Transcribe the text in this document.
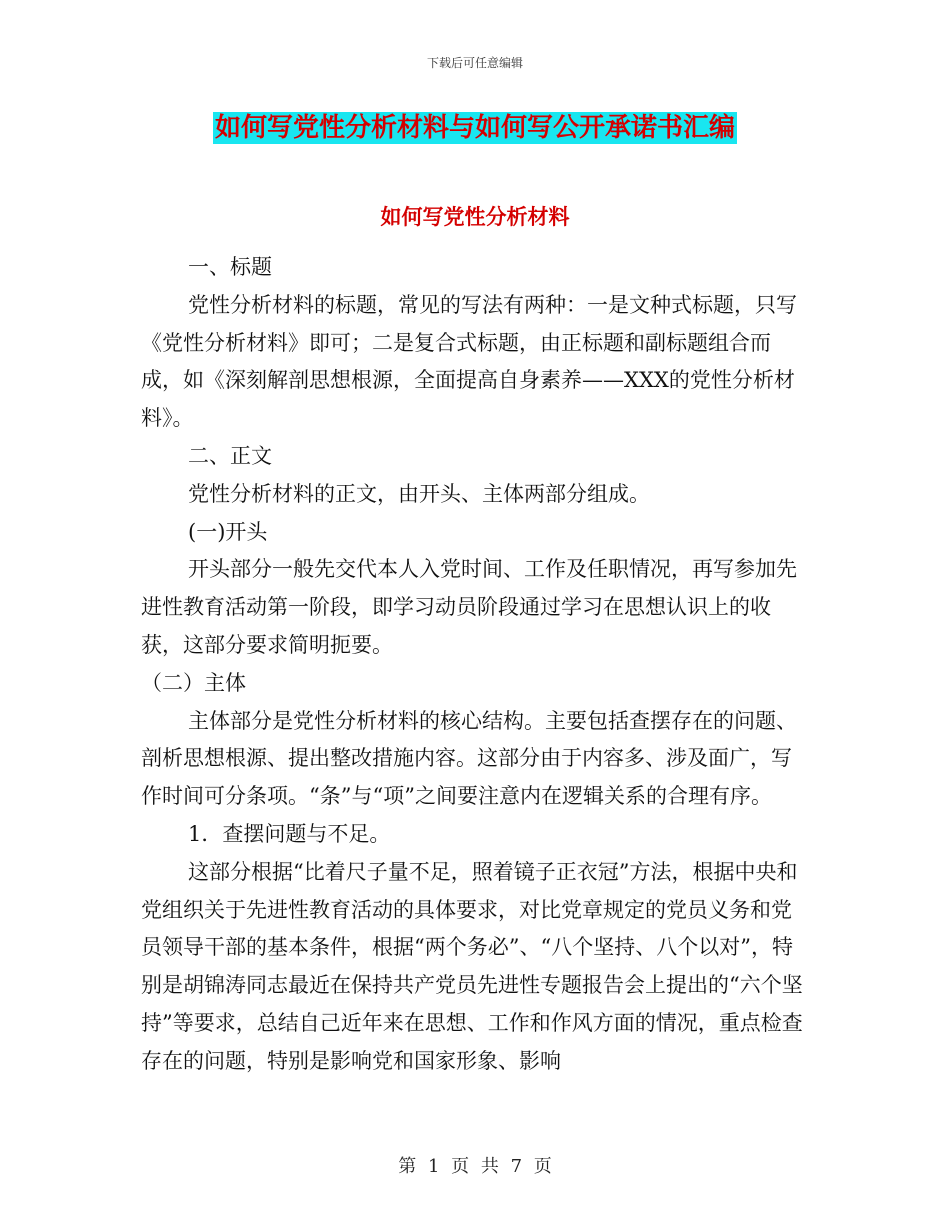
下载后可任意编辑
如何写党性分析材料与如何写公开承诺书汇编
如何写党性分析材料

一、标题

党性分析材料的标题，常见的写法有两种：一是文种式标题，只写《党性分析材料》即可；二是复合式标题，由正标题和副标题组合而成，如《深刻解剖思想根源，全面提高自身素养——XXX的党性分析材料》。

二、正文

党性分析材料的正文，由开头、主体两部分组成。

(一)开头

开头部分一般先交代本人入党时间、工作及任职情况，再写参加先进性教育活动第一阶段，即学习动员阶段通过学习在思想认识上的收获，这部分要求简明扼要。

（二）主体

主体部分是党性分析材料的核心结构。主要包括查摆存在的问题、剖析思想根源、提出整改措施内容。这部分由于内容多、涉及面广，写作时间可分条项。“条”与“项”之间要注意内在逻辑关系的合理有序。

1．查摆问题与不足。

这部分根据“比着尺子量不足，照着镜子正衣冠”方法，根据中央和党组织关于先进性教育活动的具体要求，对比党章规定的党员义务和党员领导干部的基本条件，根据“两个务必”、“八个坚持、八个以对”，特别是胡锦涛同志最近在保持共产党员先进性专题报告会上提出的“六个坚持”等要求，总结自己近年来在思想、工作和作风方面的情况，重点检查存在的问题，特别是影响党和国家形象、影响

第 1 页 共 7 页
